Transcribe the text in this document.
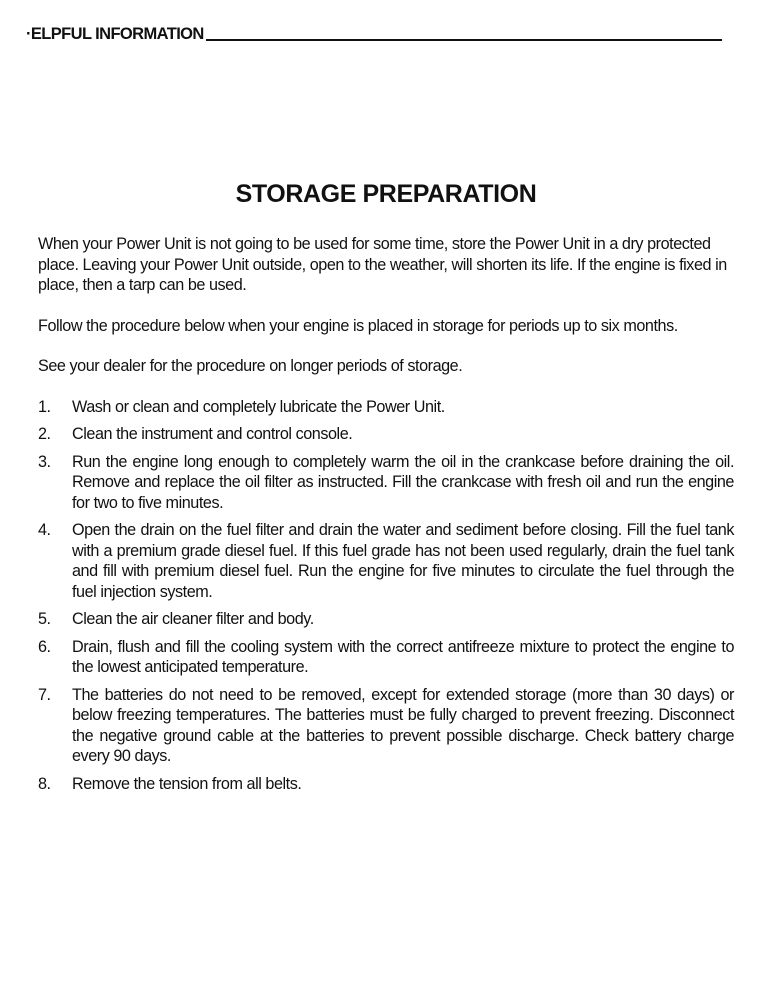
·ELPFUL INFORMATION
STORAGE PREPARATION

When your Power Unit is not going to be used for some time, store the Power Unit in a dry protected place. Leaving your Power Unit outside, open to the weather, will shorten its life. If the engine is fixed in place, then a tarp can be used.

Follow the procedure below when your engine is placed in storage for periods up to six months.

See your dealer for the procedure on longer periods of storage.

1.	Wash or clean and completely lubricate the Power Unit.
2.	Clean the instrument and control console.
3.	Run the engine long enough to completely warm the oil in the crankcase before draining the oil. Remove and replace the oil filter as instructed. Fill the crankcase with fresh oil and run the engine for two to five minutes.
4.	Open the drain on the fuel filter and drain the water and sediment before closing. Fill the fuel tank with a premium grade diesel fuel. If this fuel grade has not been used regularly, drain the fuel tank and fill with premium diesel fuel. Run the engine for five minutes to circulate the fuel through the fuel injection system.
5.	Clean the air cleaner filter and body.
6.	Drain, flush and fill the cooling system with the correct antifreeze mixture to protect the engine to the lowest anticipated temperature.
7.	The batteries do not need to be removed, except for extended storage (more than 30 days) or below freezing temperatures. The batteries must be fully charged to prevent freezing. Disconnect the negative ground cable at the batteries to prevent possible discharge. Check battery charge every 90 days.
8.	Remove the tension from all belts.
